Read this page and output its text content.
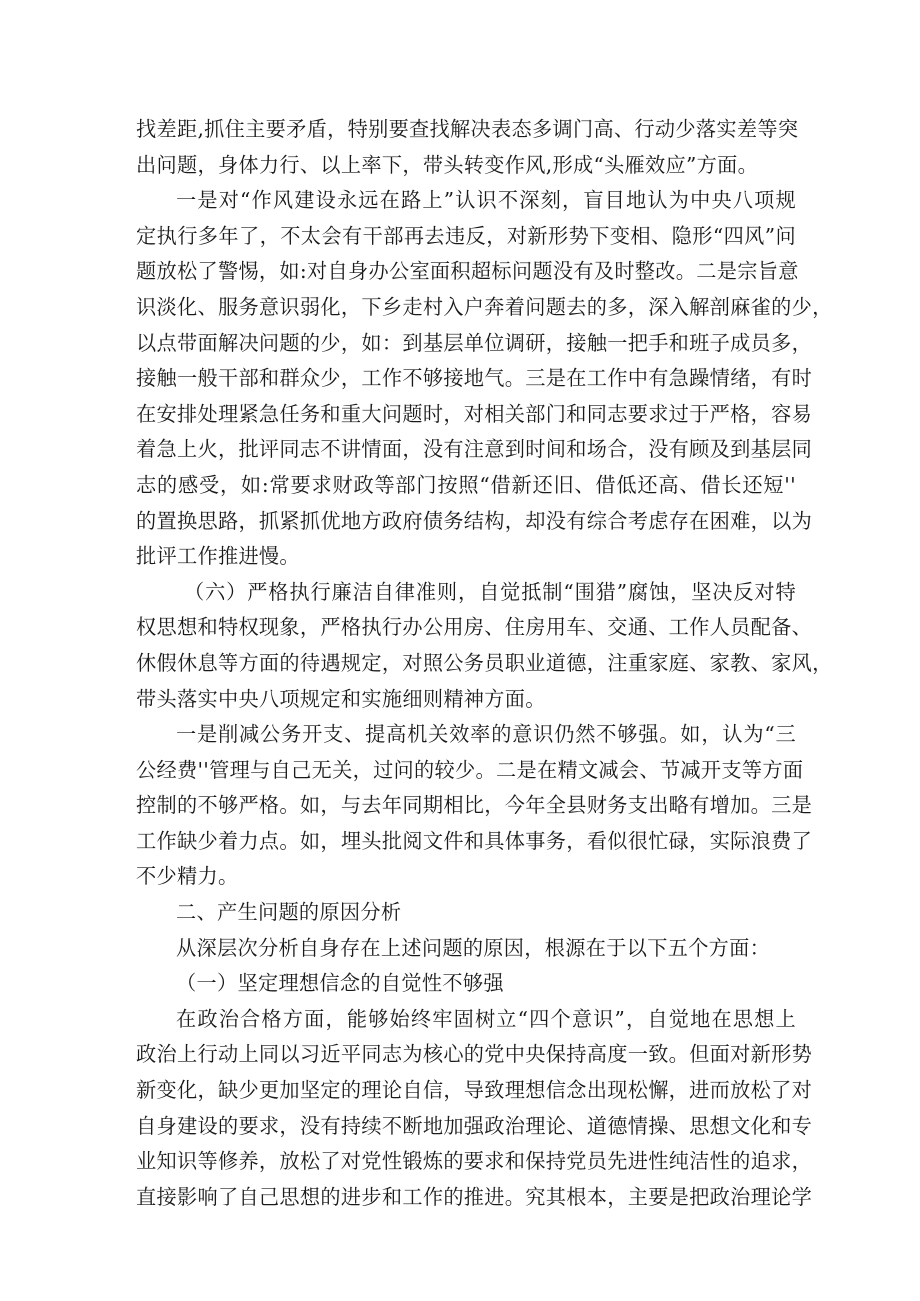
找差距,抓住主要矛盾，特别要查找解决表态多调门高、行动少落实差等突
出问题，身体力行、以上率下，带头转变作风,形成“头雁效应”方面。
一是对“作风建设永远在路上”认识不深刻，盲目地认为中央八项规
定执行多年了，不太会有干部再去违反，对新形势下变相、隐形“四风”问
题放松了警惕，如:对自身办公室面积超标问题没有及时整改。二是宗旨意
识淡化、服务意识弱化，下乡走村入户奔着问题去的多，深入解剖麻雀的少，
以点带面解决问题的少，如：到基层单位调研，接触一把手和班子成员多，
接触一般干部和群众少，工作不够接地气。三是在工作中有急躁情绪，有时
在安排处理紧急任务和重大问题时，对相关部门和同志要求过于严格，容易
着急上火，批评同志不讲情面，没有注意到时间和场合，没有顾及到基层同
志的感受，如:常要求财政等部门按照“借新还旧、借低还高、借长还短''
的置换思路，抓紧抓优地方政府债务结构，却没有综合考虑存在困难，以为
批评工作推进慢。
（六）严格执行廉洁自律准则，自觉抵制“围猎”腐蚀，坚决反对特
权思想和特权现象，严格执行办公用房、住房用车、交通、工作人员配备、
休假休息等方面的待遇规定，对照公务员职业道德，注重家庭、家教、家风，
带头落实中央八项规定和实施细则精神方面。
一是削减公务开支、提高机关效率的意识仍然不够强。如，认为“三
公经费''管理与自己无关，过问的较少。二是在精文减会、节减开支等方面
控制的不够严格。如，与去年同期相比，今年全县财务支出略有增加。三是
工作缺少着力点。如，埋头批阅文件和具体事务，看似很忙碌，实际浪费了
不少精力。
二、产生问题的原因分析
从深层次分析自身存在上述问题的原因，根源在于以下五个方面：
（一）坚定理想信念的自觉性不够强
在政治合格方面，能够始终牢固树立“四个意识”，自觉地在思想上
政治上行动上同以习近平同志为核心的党中央保持高度一致。但面对新形势
新变化，缺少更加坚定的理论自信，导致理想信念出现松懈，进而放松了对
自身建设的要求，没有持续不断地加强政治理论、道德情操、思想文化和专
业知识等修养，放松了对党性锻炼的要求和保持党员先进性纯洁性的追求，
直接影响了自己思想的进步和工作的推进。究其根本，主要是把政治理论学
